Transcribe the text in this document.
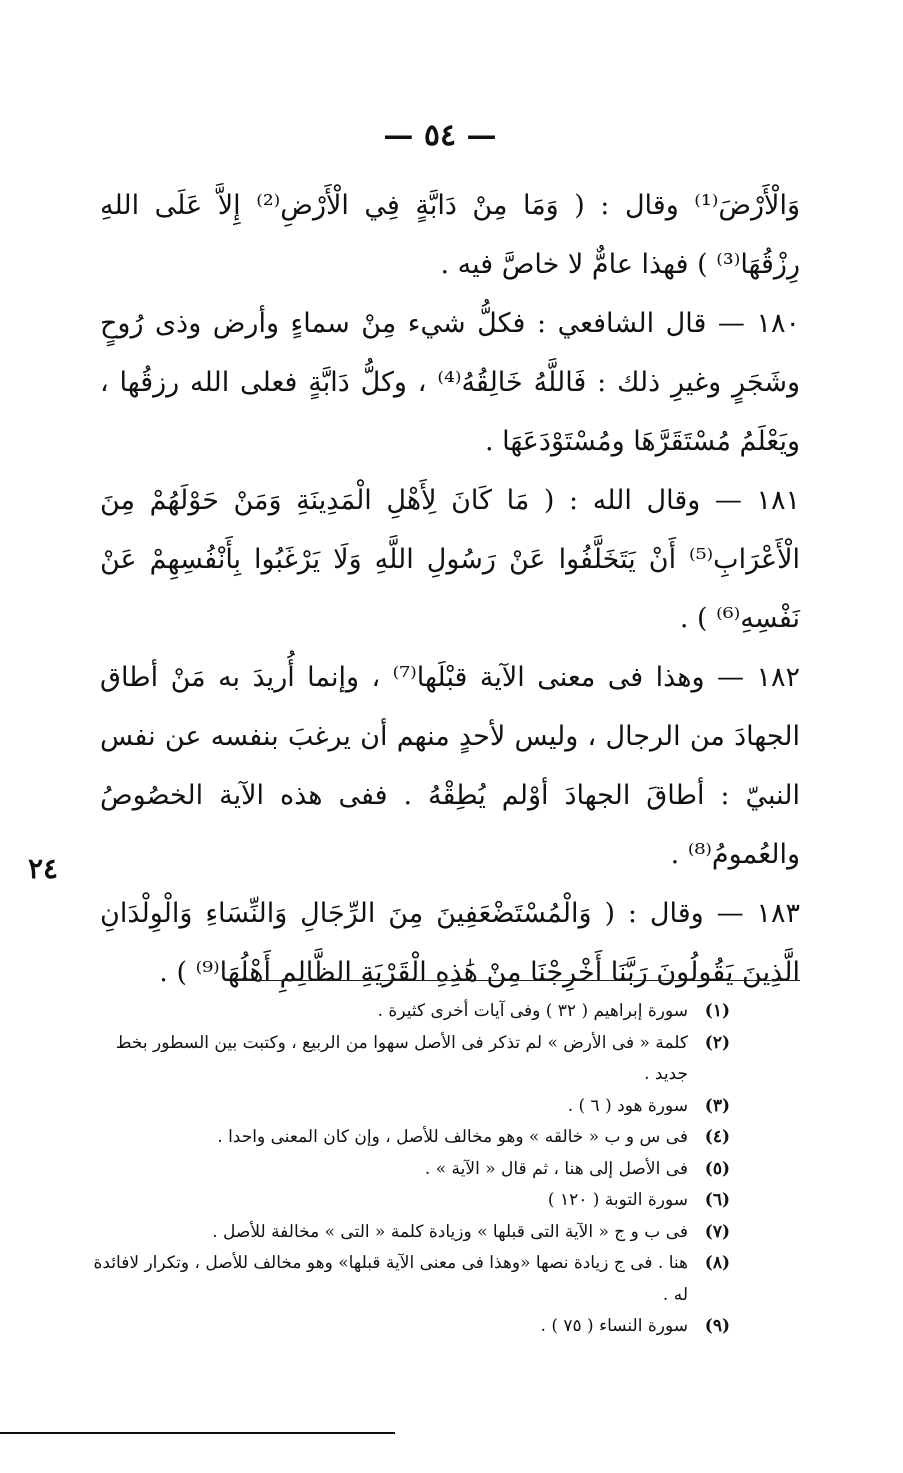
— ٥٤ —

وَالْأَرْضَ⁽¹⁾ وقال : ( وَمَا مِنْ دَابَّةٍ فِي الْأَرْضِ⁽²⁾ إِلاَّ عَلَى اللهِ رِزْقُهَا⁽³⁾ ) فهذا عامٌّ لا خاصَّ فيه .

١٨٠ — قال الشافعي : فكلُّ شيء مِنْ سماءٍ وأرض وذى رُوحٍ وشَجَرٍ وغيرِ ذلك : فَاللَّهُ خَالِقُهُ⁽⁴⁾ ، وكلُّ دَابَّةٍ فعلى الله رزقُها ، ويَعْلَمُ مُسْتَقَرَّهَا ومُسْتَوْدَعَهَا .

١٨١ — وقال الله : ( مَا كَانَ لِأَهْلِ الْمَدِينَةِ وَمَنْ حَوْلَهُمْ مِنَ الْأَعْرَابِ⁽⁵⁾ أَنْ يَتَخَلَّفُوا عَنْ رَسُولِ اللَّهِ وَلَا يَرْغَبُوا بِأَنْفُسِهِمْ عَنْ نَفْسِهِ⁽⁶⁾ ) .

١٨٢ — وهذا فى معنى الآية قبْلَها⁽⁷⁾ ، وإنما أُريدَ به مَنْ أطاق الجهادَ من الرجال ، وليس لأحدٍ منهم أن يرغبَ بنفسه عن نفس النبيّ : أطاقَ الجهادَ أوْلم يُطِقْهُ . ففى هذه الآية الخصُوصُ والعُمومُ⁽⁸⁾ .

١٨٣ — وقال : ( وَالْمُسْتَضْعَفِينَ مِنَ الرِّجَالِ وَالنِّسَاءِ وَالْوِلْدَانِ الَّذِينَ يَقُولُونَ رَبَّنَا أَخْرِجْنَا مِنْ هَٰذِهِ الْقَرْيَةِ الظَّالِمِ أَهْلُهَا⁽⁹⁾ ) .

٢٤
(١)
سورة إبراهيم ( ٣٢ ) وفى آيات أخرى كثيرة .
(٢)
كلمة « فى الأرض » لم تذكر فى الأصل سهوا من الربيع ، وكتبت بين السطور بخط جديد .
(٣)
سورة هود ( ٦ ) .
(٤)
فى س و ب « خالقه » وهو مخالف للأصل ، وإن كان المعنى واحدا .
(٥)
فى الأصل إلى هنا ، ثم قال « الآية » .
(٦)
سورة التوبة ( ١٢٠ )
(٧)
فى ب و ج « الآية التى قبلها » وزيادة كلمة « التى » مخالفة للأصل .
(٨)
هنا . فى ج زيادة نصها «وهذا فى معنى الآية قبلها» وهو مخالف للأصل ، وتكرار لافائدة له .
(٩)
سورة النساء ( ٧٥ ) .
